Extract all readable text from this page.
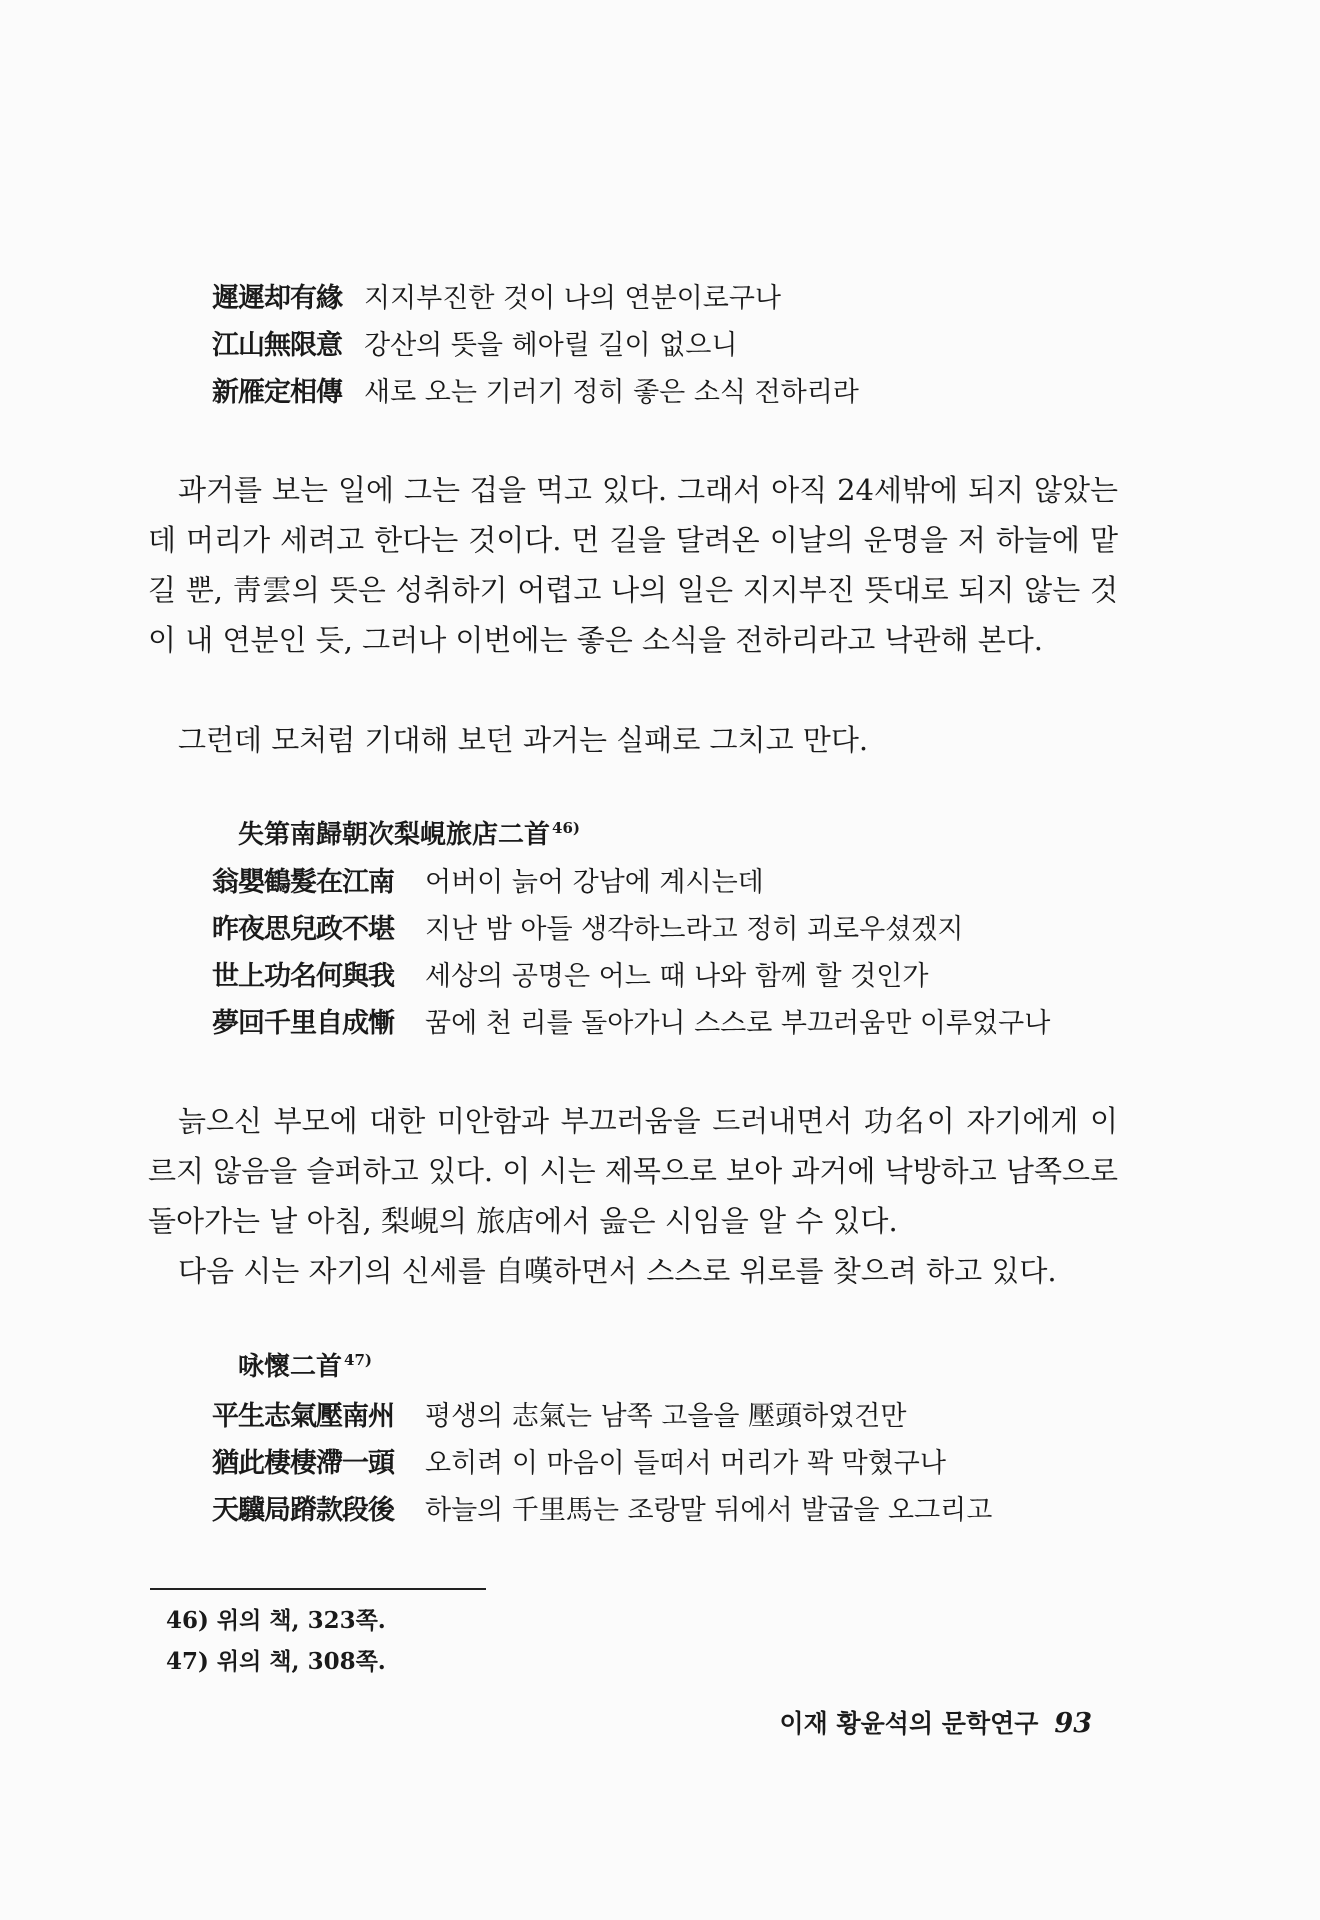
遲遲却有緣 지지부진한 것이 나의 연분이로구나
江山無限意 강산의 뜻을 헤아릴 길이 없으니
新雁定相傳 새로 오는 기러기 정히 좋은 소식 전하리라
과거를 보는 일에 그는 겁을 먹고 있다. 그래서 아직 24세밖에 되지 않았는데 머리가 세려고 한다는 것이다. 먼 길을 달려온 이날의 운명을 저 하늘에 맡길 뿐, 靑雲의 뜻은 성취하기 어렵고 나의 일은 지지부진 뜻대로 되지 않는 것이 내 연분인 듯, 그러나 이번에는 좋은 소식을 전하리라고 낙관해 본다.
그런데 모처럼 기대해 보던 과거는 실패로 그치고 만다.
失第南歸朝次梨峴旅店二首 $^{46)}$
翁嬰鶴髮在江南	어버이 늙어 강남에 계시는데
昨夜思兒政不堪	지난 밤 아들 생각하느라고 정히 괴로우셨겠지
世上功名何與我	세상의 공명은 어느 때 나와 함께 할 것인가
夢回千里自成慚	꿈에 천 리를 돌아가니 스스로 부끄러움만 이루었구나
늙으신 부모에 대한 미안함과 부끄러움을 드러내면서 功名이 자기에게 이르지 않음을 슬퍼하고 있다. 이 시는 제목으로 보아 과거에 낙방하고 남쪽으로 돌아가는 날 아침, 梨峴의 旅店에서 읊은 시임을 알 수 있다.
다음 시는 자기의 신세를 自嘆하면서 스스로 위로를 찾으려 하고 있다.
咏懷二首 $^{47)}$
平生志氣壓南州	평생의 志氣는 남쪽 고을을 壓頭하였건만
猶此棲棲滯一頭	오히려 이 마음이 들떠서 머리가 꽉 막혔구나
天驥局蹐款段後	하늘의 千里馬는 조랑말 뒤에서 발굽을 오그리고
46) 위의 책, 323쪽.
47) 위의 책, 308쪽.
이재 황윤석의 문학연구 93
